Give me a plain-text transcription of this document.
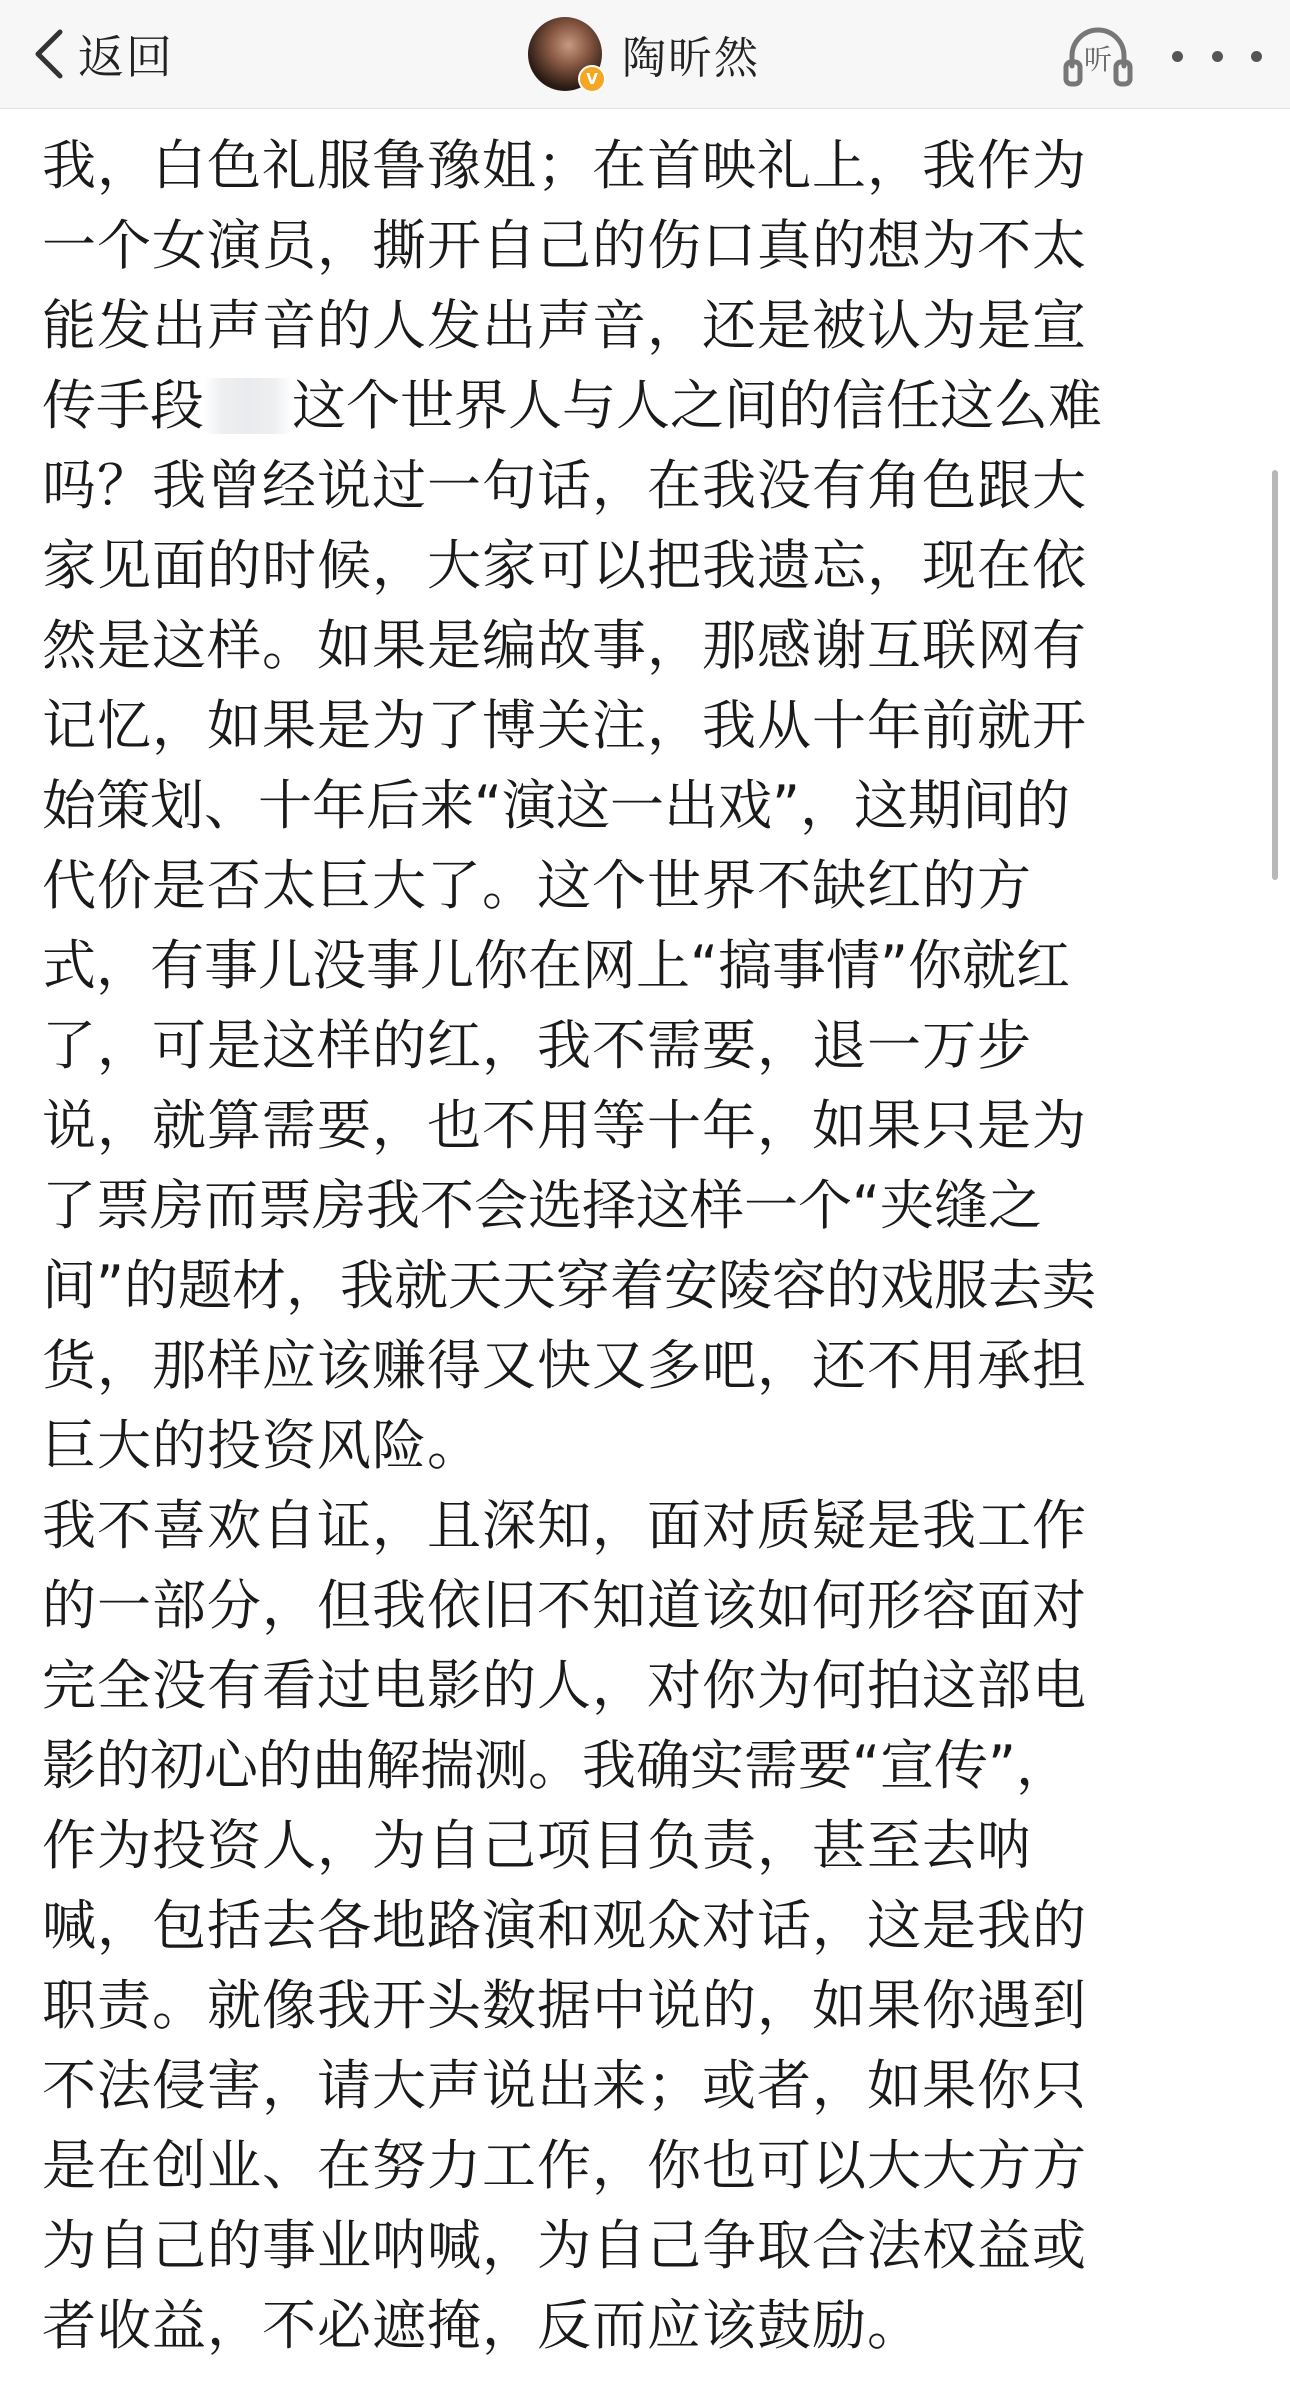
返回	V 陶昕然	听
我，白色礼服鲁豫姐；在首映礼上，我作为
一个女演员，撕开自己的伤口真的想为不太
能发出声音的人发出声音，还是被认为是宣
传手段 这个世界人与人之间的信任这么难
吗？我曾经说过一句话，在我没有角色跟大
家见面的时候，大家可以把我遗忘，现在依
然是这样。如果是编故事，那感谢互联网有
记忆，如果是为了博关注，我从十年前就开
始策划、十年后来“演这一出戏”，这期间的
代价是否太巨大了。这个世界不缺红的方
式，有事儿没事儿你在网上“搞事情”你就红
了，可是这样的红，我不需要，退一万步
说，就算需要，也不用等十年，如果只是为
了票房而票房我不会选择这样一个“夹缝之
间”的题材，我就天天穿着安陵容的戏服去卖
货，那样应该赚得又快又多吧，还不用承担
巨大的投资风险。
我不喜欢自证，且深知，面对质疑是我工作
的一部分，但我依旧不知道该如何形容面对
完全没有看过电影的人，对你为何拍这部电
影的初心的曲解揣测。我确实需要“宣传”，
作为投资人，为自己项目负责，甚至去呐
喊，包括去各地路演和观众对话，这是我的
职责。就像我开头数据中说的，如果你遇到
不法侵害，请大声说出来；或者，如果你只
是在创业、在努力工作，你也可以大大方方
为自己的事业呐喊，为自己争取合法权益或
者收益，不必遮掩，反而应该鼓励。
